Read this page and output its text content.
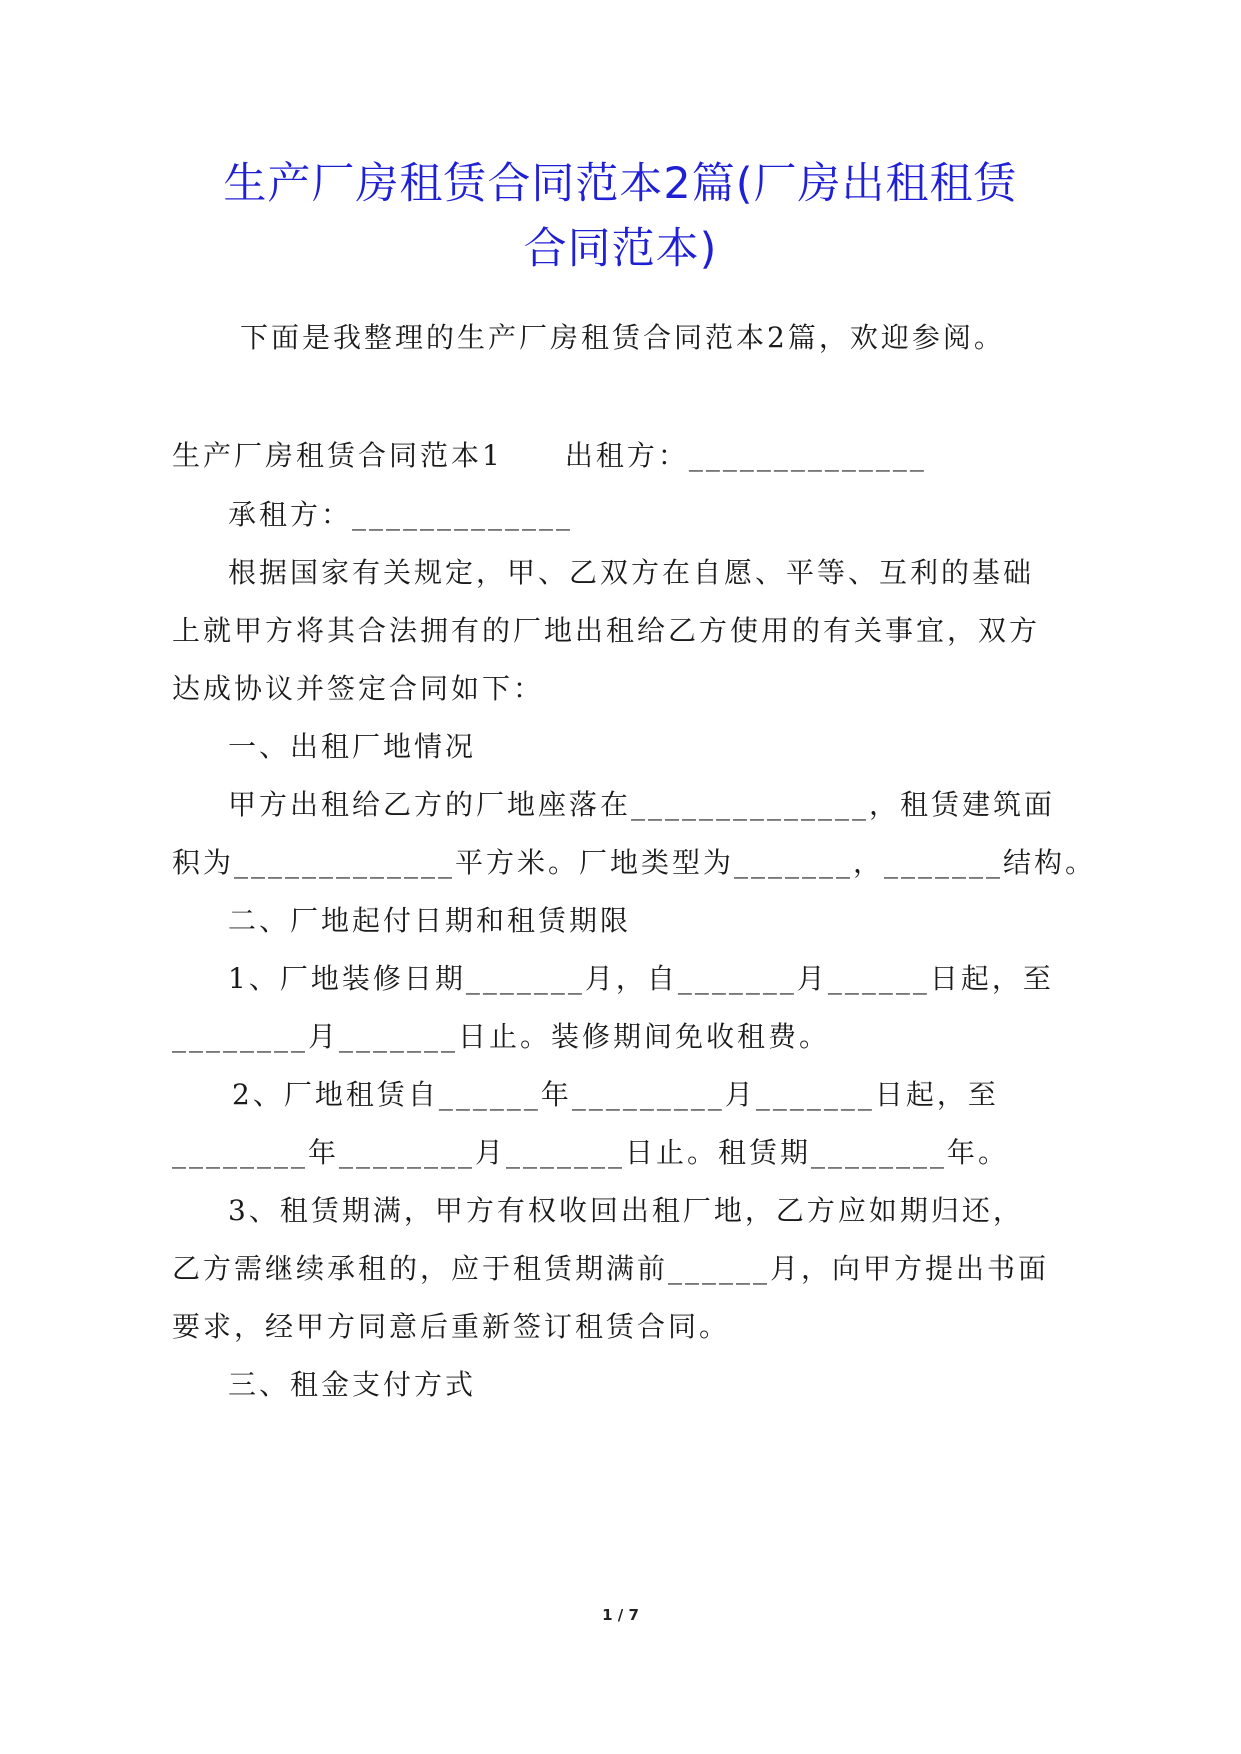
生产厂房租赁合同范本2篇(厂房出租租赁
合同范本)

下面是我整理的生产厂房租赁合同范本2篇，欢迎参阅。

生产厂房租赁合同范本1　　出租方：______________

承租方：_____________

根据国家有关规定，甲、乙双方在自愿、平等、互利的基础

上就甲方将其合法拥有的厂地出租给乙方使用的有关事宜，双方

达成协议并签定合同如下：

一、出租厂地情况

甲方出租给乙方的厂地座落在______________，租赁建筑面

积为_____________平方米。厂地类型为_______，_______结构。

二、厂地起付日期和租赁期限

1、厂地装修日期_______月，自_______月______日起，至

________月_______日止。装修期间免收租费。

2、厂地租赁自______年_________月_______日起，至

________年________月_______日止。租赁期________年。

3、租赁期满，甲方有权收回出租厂地，乙方应如期归还，

乙方需继续承租的，应于租赁期满前______月，向甲方提出书面

要求，经甲方同意后重新签订租赁合同。

三、租金支付方式

1 / 7
